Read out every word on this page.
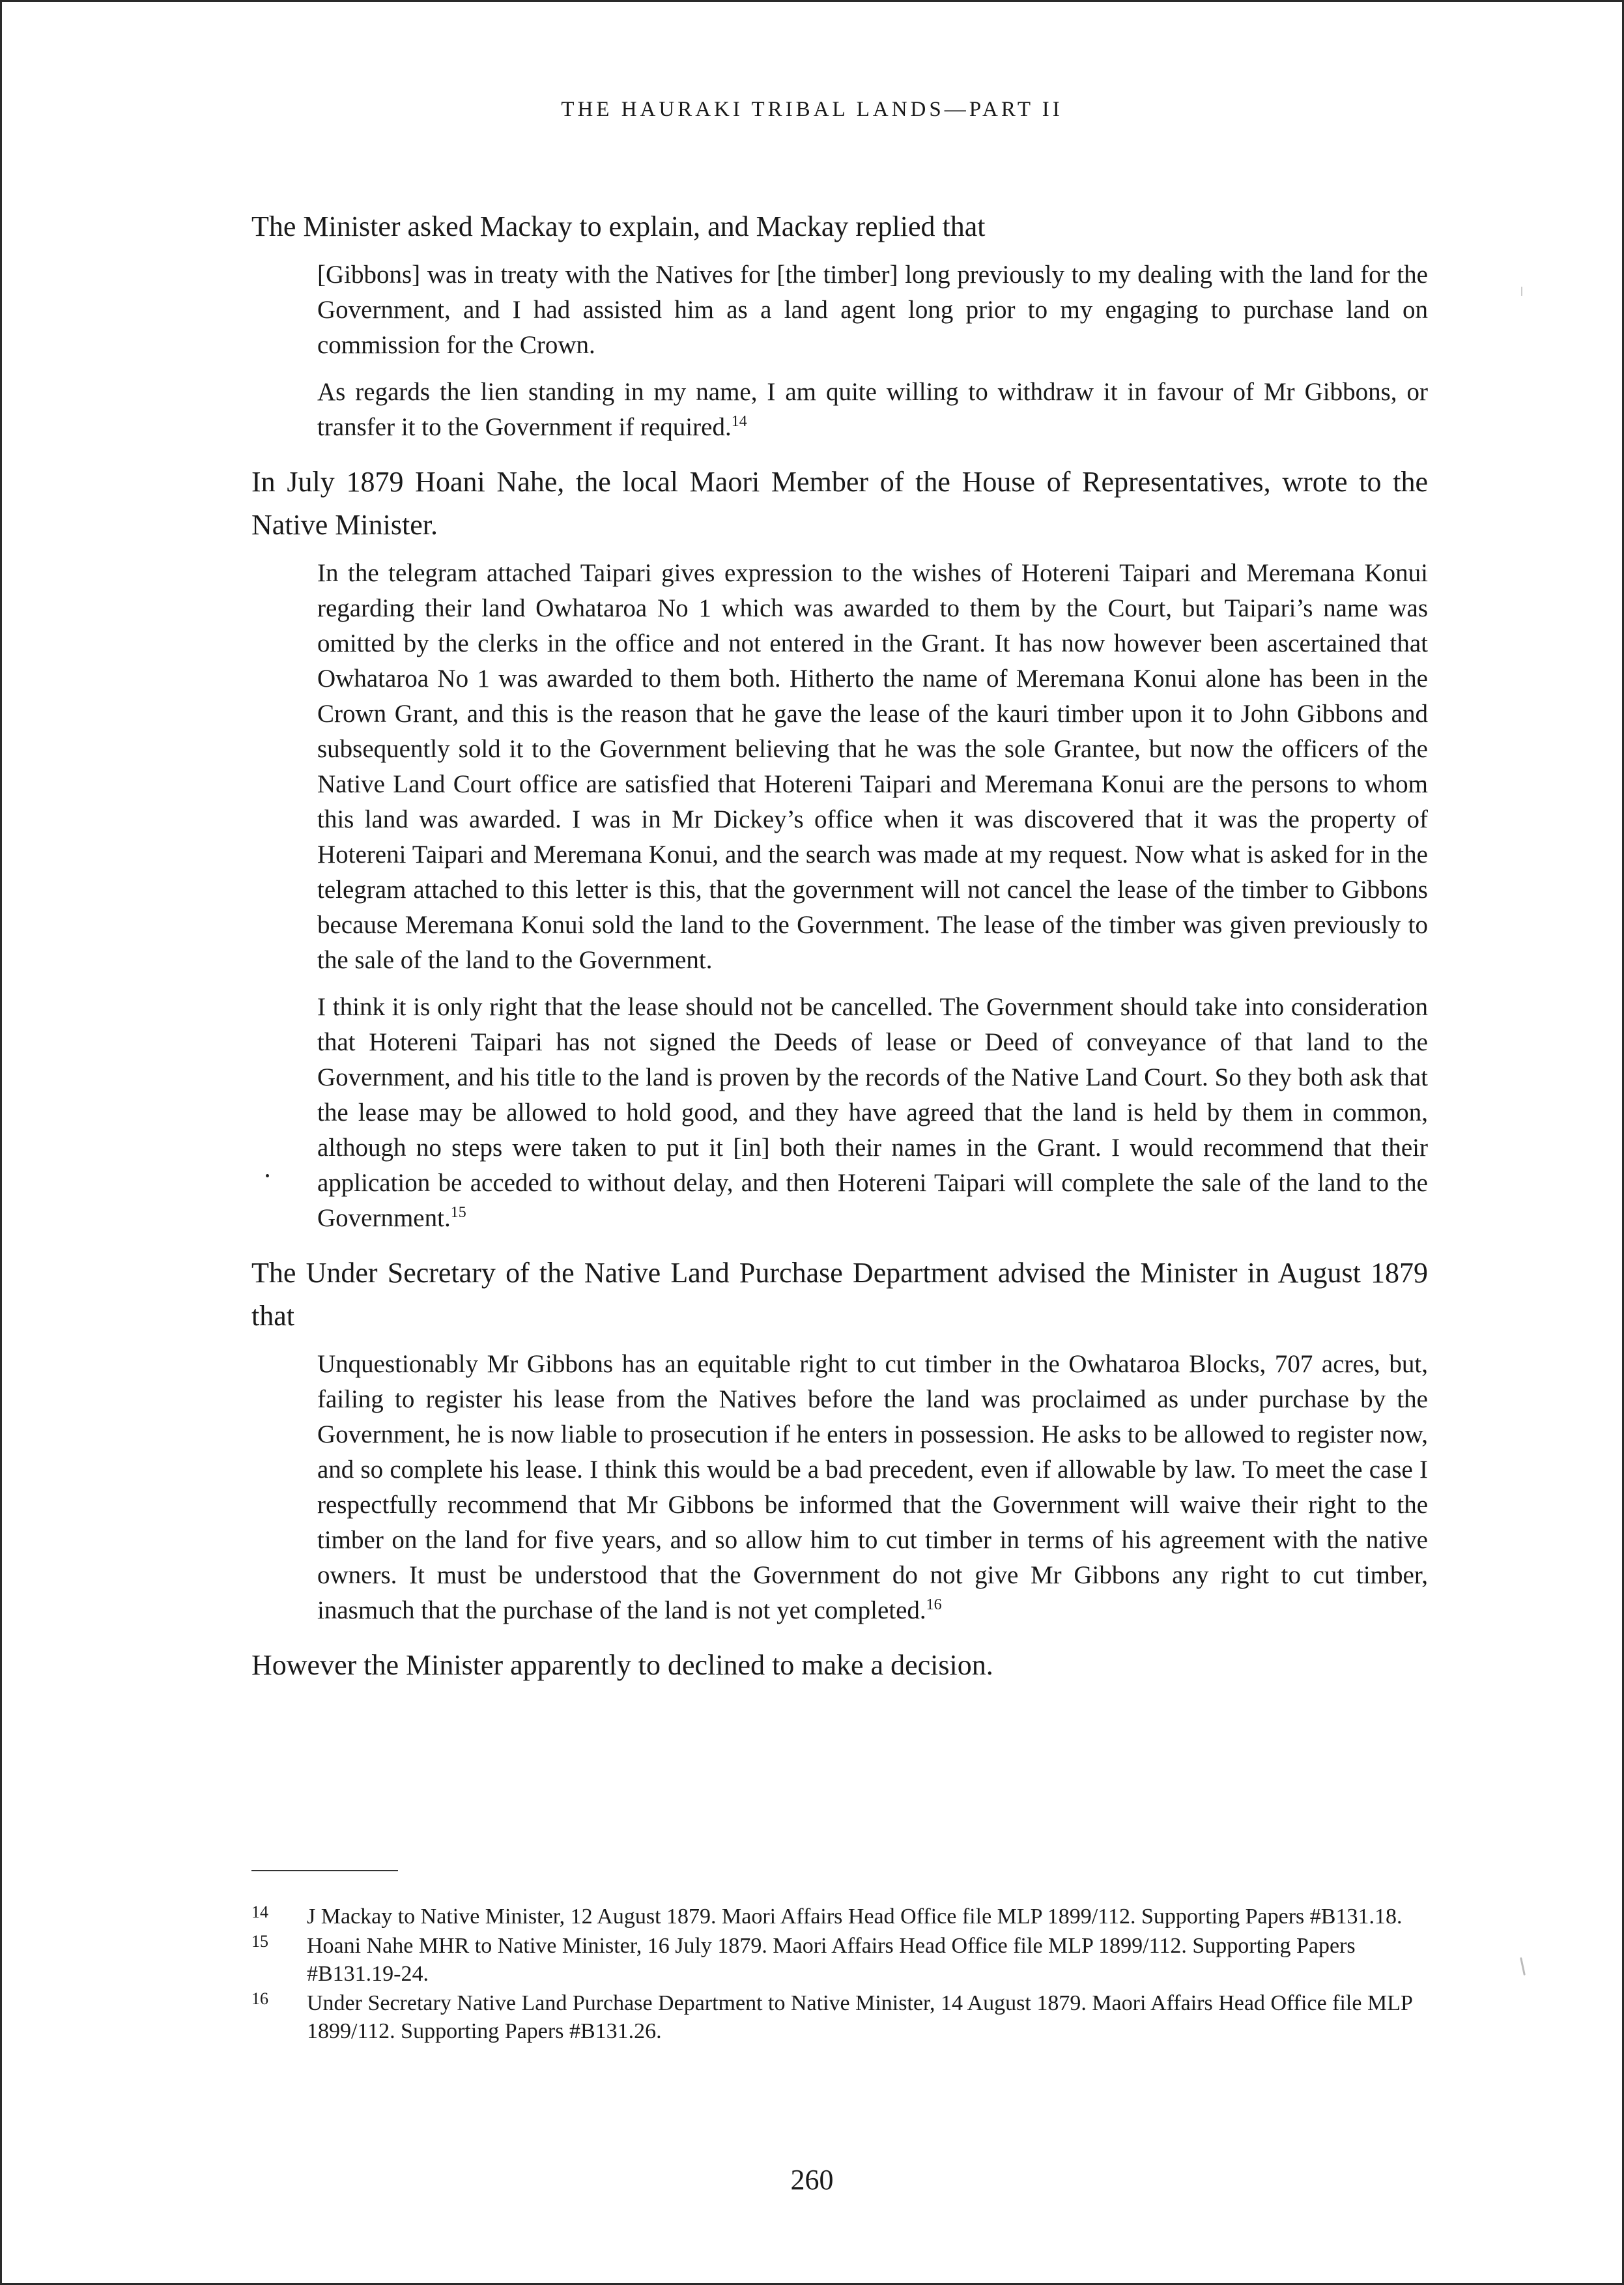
THE HAURAKI TRIBAL LANDS—PART II

The Minister asked Mackay to explain, and Mackay replied that

[Gibbons] was in treaty with the Natives for [the timber] long previously to my dealing with the land for the Government, and I had assisted him as a land agent long prior to my engaging to purchase land on commission for the Crown.

As regards the lien standing in my name, I am quite willing to withdraw it in favour of Mr Gibbons, or transfer it to the Government if required.$^{14}$

In July 1879 Hoani Nahe, the local Maori Member of the House of Representatives, wrote to the Native Minister.

In the telegram attached Taipari gives expression to the wishes of Hotereni Taipari and Meremana Konui regarding their land Owhataroa No 1 which was awarded to them by the Court, but Taipari’s name was omitted by the clerks in the office and not entered in the Grant. It has now however been ascertained that Owhataroa No 1 was awarded to them both. Hitherto the name of Meremana Konui alone has been in the Crown Grant, and this is the reason that he gave the lease of the kauri timber upon it to John Gibbons and subsequently sold it to the Government believing that he was the sole Grantee, but now the officers of the Native Land Court office are satisfied that Hotereni Taipari and Meremana Konui are the persons to whom this land was awarded. I was in Mr Dickey’s office when it was discovered that it was the property of Hotereni Taipari and Meremana Konui, and the search was made at my request. Now what is asked for in the telegram attached to this letter is this, that the government will not cancel the lease of the timber to Gibbons because Meremana Konui sold the land to the Government. The lease of the timber was given previously to the sale of the land to the Government.

I think it is only right that the lease should not be cancelled. The Government should take into consideration that Hotereni Taipari has not signed the Deeds of lease or Deed of conveyance of that land to the Government, and his title to the land is proven by the records of the Native Land Court. So they both ask that the lease may be allowed to hold good, and they have agreed that the land is held by them in common, although no steps were taken to put it [in] both their names in the Grant. I would recommend that their application be acceded to without delay, and then Hotereni Taipari will complete the sale of the land to the Government.$^{15}$

The Under Secretary of the Native Land Purchase Department advised the Minister in August 1879 that

Unquestionably Mr Gibbons has an equitable right to cut timber in the Owhataroa Blocks, 707 acres, but, failing to register his lease from the Natives before the land was proclaimed as under purchase by the Government, he is now liable to prosecution if he enters in possession. He asks to be allowed to register now, and so complete his lease. I think this would be a bad precedent, even if allowable by law. To meet the case I respectfully recommend that Mr Gibbons be informed that the Government will waive their right to the timber on the land for five years, and so allow him to cut timber in terms of his agreement with the native owners. It must be understood that the Government do not give Mr Gibbons any right to cut timber, inasmuch that the purchase of the land is not yet completed.$^{16}$

However the Minister apparently to declined to make a decision.

14	J Mackay to Native Minister, 12 August 1879. Maori Affairs Head Office file MLP 1899/112. Supporting Papers #B131.18.
15	Hoani Nahe MHR to Native Minister, 16 July 1879. Maori Affairs Head Office file MLP 1899/112. Supporting Papers #B131.19-24.
16	Under Secretary Native Land Purchase Department to Native Minister, 14 August 1879. Maori Affairs Head Office file MLP 1899/112. Supporting Papers #B131.26.
260
